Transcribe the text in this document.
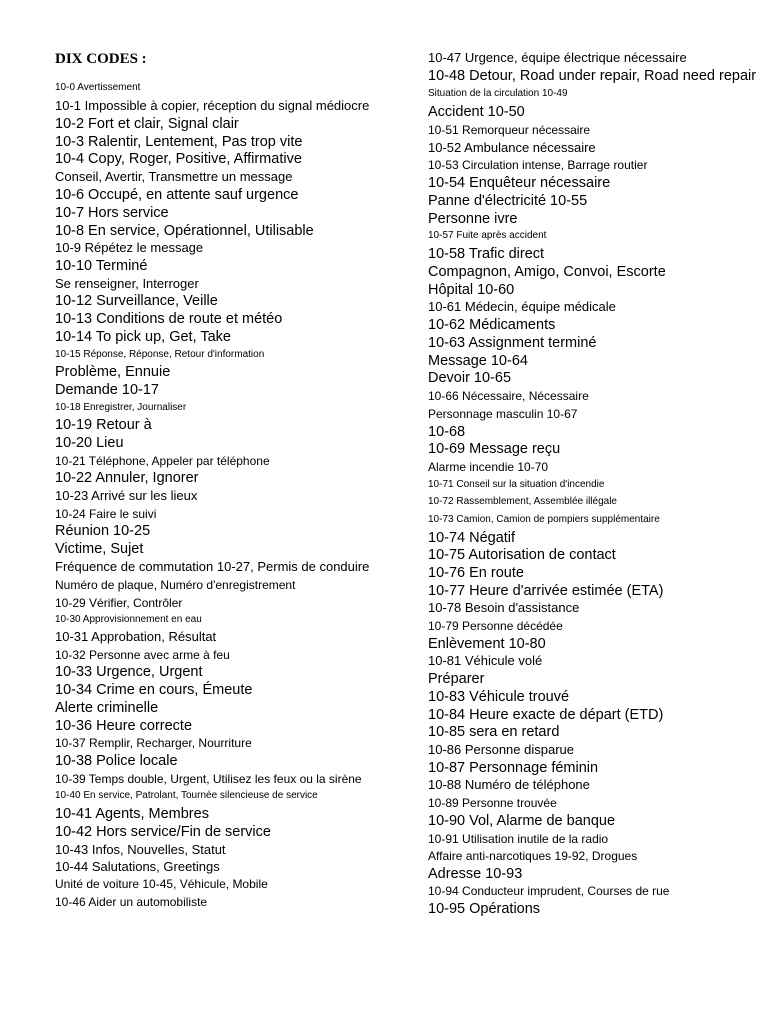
DIX CODES :
10-0 Avertissement
10-1 Impossible à copier, réception du signal médiocre
10-2 Fort et clair, Signal clair
10-3 Ralentir, Lentement, Pas trop vite
10-4 Copy, Roger, Positive, Affirmative
Conseil, Avertir, Transmettre un message
10-6 Occupé, en attente sauf urgence
10-7 Hors service
10-8 En service, Opérationnel, Utilisable
10-9 Répétez le message
10-10 Terminé
Se renseigner, Interroger
10-12 Surveillance, Veille
10-13 Conditions de route et météo
10-14 To pick up, Get, Take
10-15 Réponse, Réponse, Retour d'information
Problème, Ennuie
Demande 10-17
10-18 Enregistrer, Journaliser
10-19 Retour à
10-20 Lieu
10-21 Téléphone, Appeler par téléphone
10-22 Annuler, Ignorer
10-23 Arrivé sur les lieux
10-24 Faire le suivi
Réunion 10-25
Victime, Sujet
Fréquence de commutation 10-27, Permis de conduire
Numéro de plaque, Numéro d'enregistrement
10-29 Vérifier, Contrôler
10-30 Approvisionnement en eau
10-31 Approbation, Résultat
10-32 Personne avec arme à feu
10-33 Urgence, Urgent
10-34 Crime en cours, Émeute
Alerte criminelle
10-36 Heure correcte
10-37 Remplir, Recharger, Nourriture
10-38 Police locale
10-39 Temps double, Urgent, Utilisez les feux ou la sirène
10-40 En service, Patrolant, Tournée silencieuse de service
10-41 Agents, Membres
10-42 Hors service/Fin de service
10-43 Infos, Nouvelles, Statut
10-44 Salutations, Greetings
Unité de voiture 10-45, Véhicule, Mobile
10-46 Aider un automobiliste
10-47 Urgence, équipe électrique nécessaire
10-48 Detour, Road under repair, Road need repair
Situation de la circulation 10-49
Accident 10-50
10-51 Remorqueur nécessaire
10-52 Ambulance nécessaire
10-53 Circulation intense, Barrage routier
10-54 Enquêteur nécessaire
Panne d'électricité 10-55
Personne ivre
10-57 Fuite après accident
10-58 Trafic direct
Compagnon, Amigo, Convoi, Escorte
Hôpital 10-60
10-61 Médecin, équipe médicale
10-62 Médicaments
10-63 Assignment terminé
Message 10-64
Devoir 10-65
10-66 Nécessaire, Nécessaire
Personnage masculin 10-67
10-68
10-69 Message reçu
Alarme incendie 10-70
10-71 Conseil sur la situation d'incendie
10-72 Rassemblement, Assemblée illégale
10-73 Camion, Camion de pompiers supplémentaire
10-74 Négatif
10-75 Autorisation de contact
10-76 En route
10-77 Heure d'arrivée estimée (ETA)
10-78 Besoin d'assistance
10-79 Personne décédée
Enlèvement 10-80
10-81 Véhicule volé
Préparer
10-83 Véhicule trouvé
10-84 Heure exacte de départ (ETD)
10-85 sera en retard
10-86 Personne disparue
10-87 Personnage féminin
10-88 Numéro de téléphone
10-89 Personne trouvée
10-90 Vol, Alarme de banque
10-91 Utilisation inutile de la radio
Affaire anti-narcotiques 19-92, Drogues
Adresse 10-93
10-94 Conducteur imprudent, Courses de rue
10-95 Opérations
